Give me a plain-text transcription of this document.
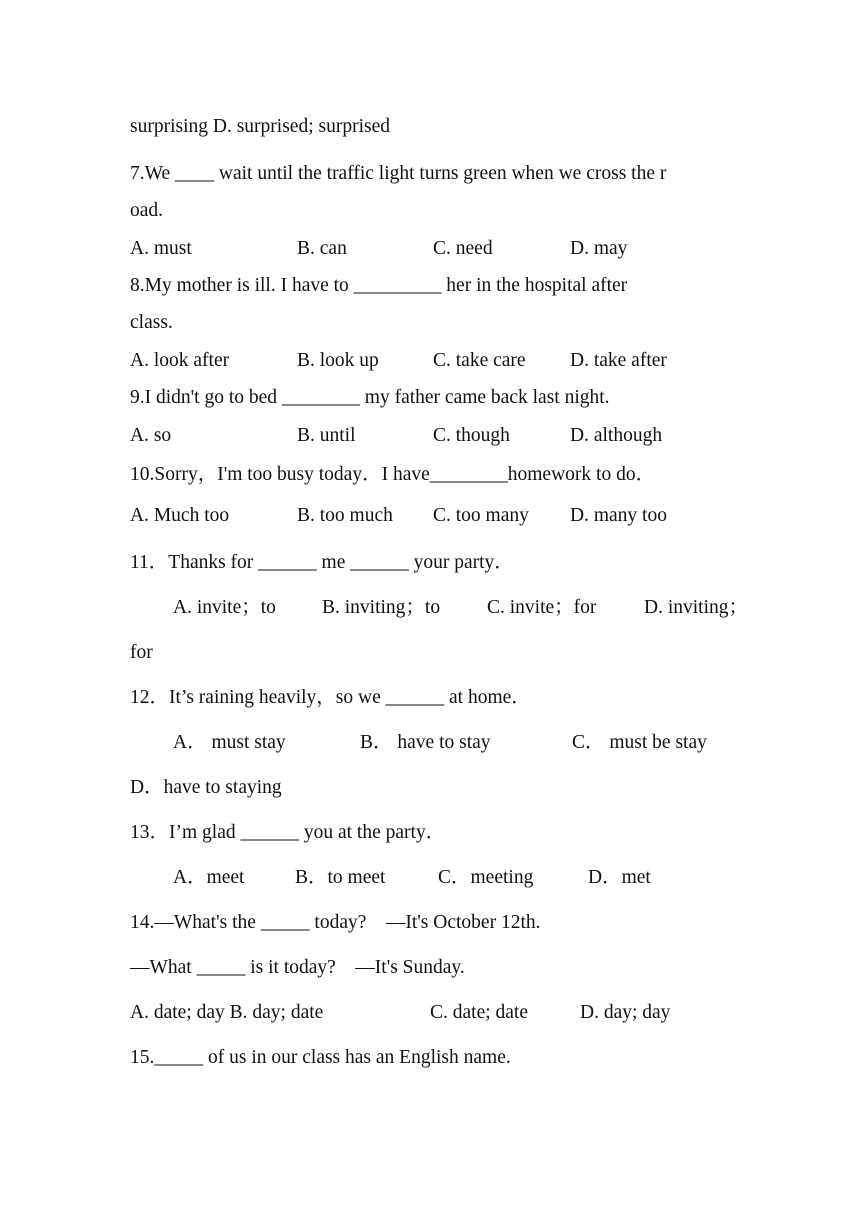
surprising D. surprised; surprised
7.We ____ wait until the traffic light turns green when we cross the r
oad.
A. must	B. can	C. need	D. may
8.My mother is ill. I have to _________ her in the hospital after
class.
A. look after	B. look up	C. take care D. take after
9.I didn't go to bed ________ my father came back last night.
A. so	B. until	C. though	D. although
10.Sorry，I'm too busy today．I have________homework to do．
A. Much too	B. too much C. too many D. many too
11．Thanks for ______ me ______ your party．
A. invite；to B. inviting；to C. invite；for D. inviting；
for
12．It’s raining heavily，so we ______ at home．
A． must stay	B． have to stay	C． must be stay
D．have to staying
13．I’m glad ______ you at the party．
A．meet	B．to meet	C．meeting	D．met
14.—What's the _____ today?    —It's October 12th.
—What _____ is it today?    —It's Sunday.
A. date; day B. day; date	C. date; date	D. day; day
15._____ of us in our class has an English name.
